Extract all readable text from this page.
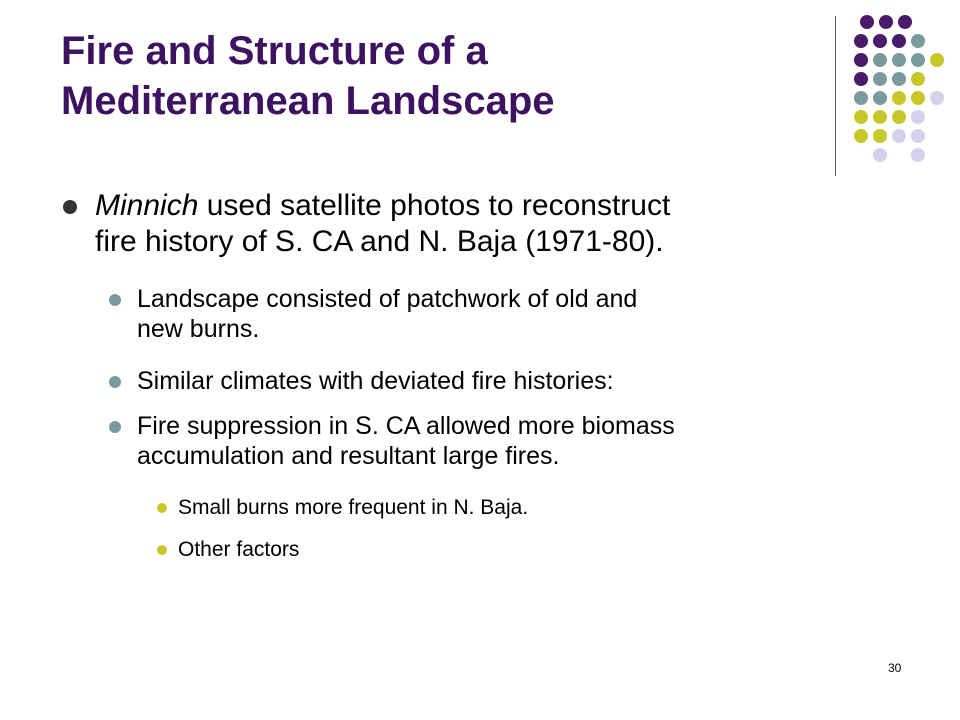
Fire and Structure of a
Mediterranean Landscape
Minnich used satellite photos to reconstruct
fire history of S. CA and N. Baja (1971-80).
Landscape consisted of patchwork of old and
new burns.
Similar climates with deviated fire histories:
Fire suppression in S. CA allowed more biomass
accumulation and resultant large fires.
Small burns more frequent in N. Baja.
Other factors
30
